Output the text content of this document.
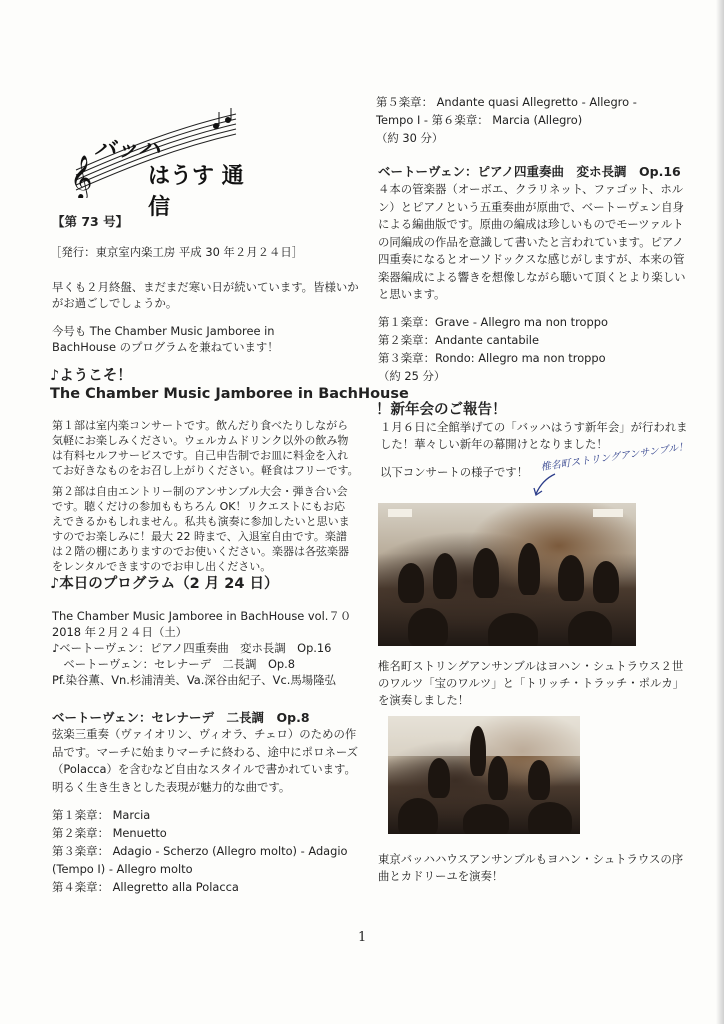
𝄞
バッハ
はうす 通信
【第 73 号】
［発行：東京室内楽工房 平成 30 年２月２４日］
早くも２月終盤、まだまだ寒い日が続いています。皆様いか
がお過ごしでしょうか。
今号も The Chamber Music Jamboree in
BachHouse のプログラムを兼ねています！
♪ようこそ！
The Chamber Music Jamboree in BachHouse
第１部は室内楽コンサートです。飲んだり食べたりしながら
気軽にお楽しみください。ウェルカムドリンク以外の飲み物
は有料セルフサービスです。自己申告制でお皿に料金を入れ
てお好きなものをお召し上がりください。軽食はフリーです。
第２部は自由エントリー制のアンサンブル大会・弾き合い会
です。聴くだけの参加ももちろん OK！リクエストにもお応
えできるかもしれません。私共も演奏に参加したいと思いま
すのでお楽しみに！最大 22 時まで、入退室自由です。楽譜
は２階の棚にありますのでお使いください。楽器は各弦楽器
をレンタルできますのでお申し出ください。
♪本日のプログラム（2 月 24 日）
The Chamber Music Jamboree in BachHouse vol.７０
2018 年２月２４日（土）
♪ベートーヴェン：ピアノ四重奏曲　変ホ長調　Op.16
　ベートーヴェン：セレナーデ　二長調　Op.8
Pf.染谷薫、Vn.杉浦清美、Va.深谷由紀子、Vc.馬場隆弘
ベートーヴェン：セレナーデ　二長調　Op.8
弦楽三重奏（ヴァイオリン、ヴィオラ、チェロ）のための作
品です。マーチに始まりマーチに終わる、途中にポロネーズ
（Polacca）を含むなど自由なスタイルで書かれています。
明るく生き生きとした表現が魅力的な曲です。
第１楽章： Marcia
第２楽章： Menuetto
第３楽章： Adagio - Scherzo (Allegro molto) - Adagio
(Tempo I) - Allegro molto
第４楽章： Allegretto alla Polacca
第５楽章： Andante quasi Allegretto - Allegro -
Tempo I - 第６楽章： Marcia (Allegro)
（約 30 分）
ベートーヴェン：ピアノ四重奏曲　変ホ長調　Op.16
４本の管楽器（オーボエ、クラリネット、ファゴット、ホル
ン）とピアノという五重奏曲が原曲で、ベートーヴェン自身
による編曲版です。原曲の編成は珍しいものでモーツァルト
の同編成の作品を意識して書いたと言われています。ピアノ
四重奏になるとオーソドックスな感じがしますが、本来の管
楽器編成による響きを想像しながら聴いて頂くとより楽しい
と思います。
第１楽章：Grave - Allegro ma non troppo
第２楽章：Andante cantabile
第３楽章：Rondo: Allegro ma non troppo
（約 25 分）
！新年会のご報告！
１月６日に全館挙げての「バッハはうす新年会」が行われま
した！華々しい新年の幕開けとなりました！
以下コンサートの様子です！ 椎名町ストリングアンサンブル！
椎名町ストリングアンサンブルはヨハン・シュトラウス２世
のワルツ「宝のワルツ」と「トリッチ・トラッチ・ポルカ」
を演奏しました！
東京バッハハウスアンサンブルもヨハン・シュトラウスの序
曲とカドリーユを演奏！
1
